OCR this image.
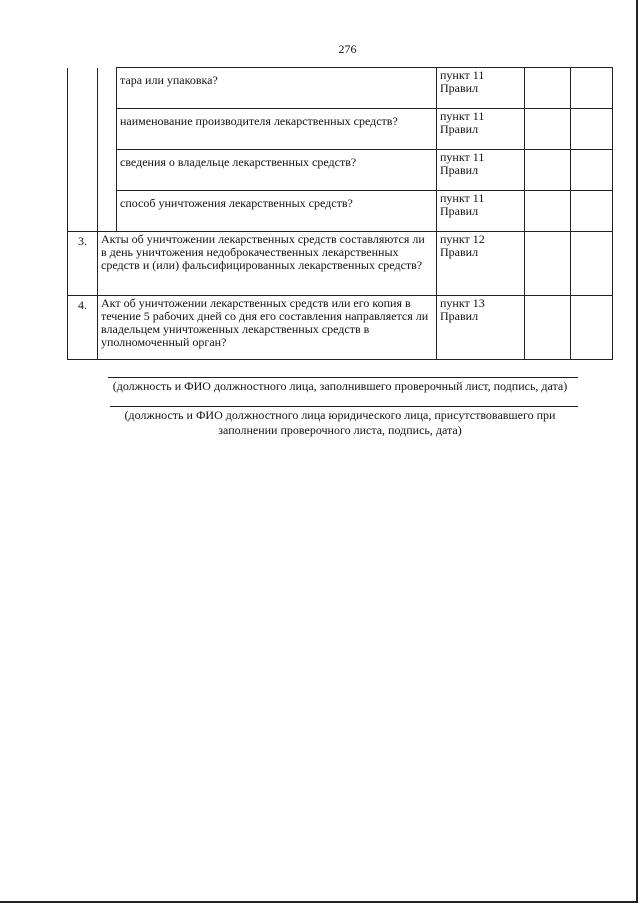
276
		тара или упаковка?	пункт 11
Правил		

		наименование производителя лекарственных средств?	пункт 11
Правил		

		сведения о владельце лекарственных средств?	пункт 11
Правил		

		способ уничтожения лекарственных средств?	пункт 11
Правил		

3.	Акты об уничтожении лекарственных средств составляются ли в день уничтожения недоброкачественных лекарственных средств и (или) фальсифицированных лекарственных средств?		пункт 12
Правил		

4.	Акт об уничтожении лекарственных средств или его копия в течение 5 рабочих дней со дня его составления направляется ли владельцем уничтоженных лекарственных средств в уполномоченный орган?		пункт 13
Правил		

(должность и ФИО должностного лица, заполнившего проверочный лист, подпись, дата)
(должность и ФИО должностного лица юридического лица, присутствовавшего при заполнении проверочного листа, подпись, дата)
